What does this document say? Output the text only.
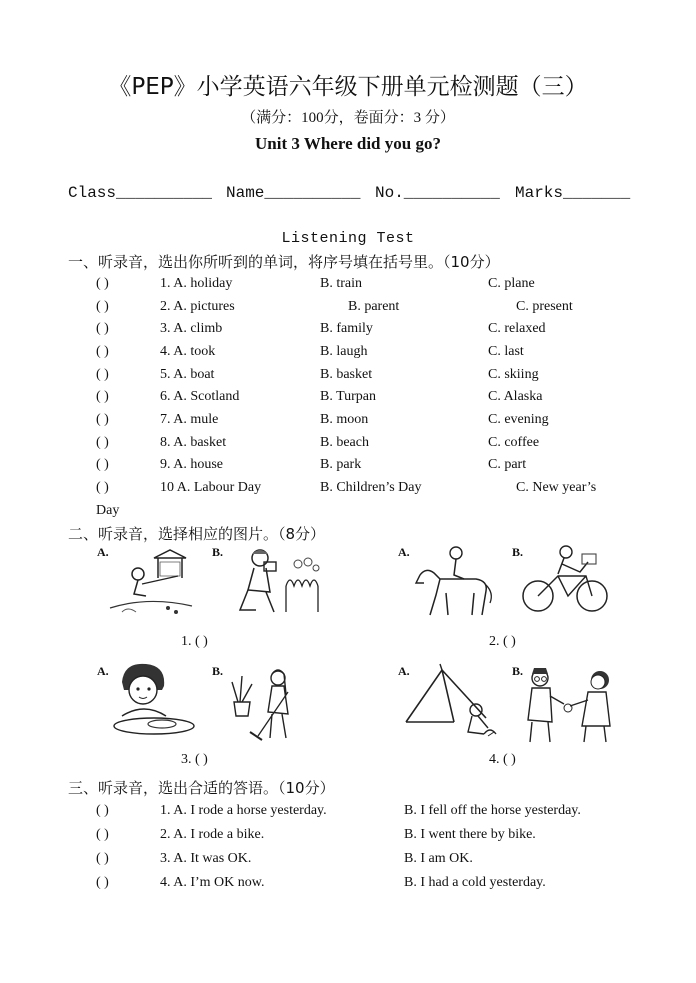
《PEP》小学英语六年级下册单元检测题（三）
（满分：100分，卷面分：3 分）
Unit 3 Where did you go?
Class__________ Name__________ No.__________ Marks_______
Listening Test
一、听录音，选出你所听到的单词，将序号填在括号里。（10分）
( )	1. A. holiday	B. train	C. plane
( )	2. A. pictures	B. parent	C. present
( )	3. A. climb	B. family	C. relaxed
( )	4. A. took	B. laugh	C. last
( )	5. A. boat	B. basket	C. skiing
( )	6. A. Scotland	B. Turpan	C. Alaska
( )	7. A. mule	B. moon	C. evening
( )	8. A. basket	B. beach	C. coffee
( )	9. A. house	B. park	C. part
( )	10 A. Labour Day	B. Children’s Day	C. New year’s
Day
二、听录音，选择相应的图片。（8分）
A.	B.
1. ( )
A.	B.
2. ( )
A.	B.
3. ( )
A.	B.
4. ( )
三、听录音，选出合适的答语。（10分）
( )	1. A. I rode a horse yesterday.	B. I fell off the horse yesterday.
( )	2. A. I rode a bike.	B. I went there by bike.
( )	3. A. It was OK.	B. I am OK.
( )	4. A. I’m OK now.	B. I had a cold yesterday.
